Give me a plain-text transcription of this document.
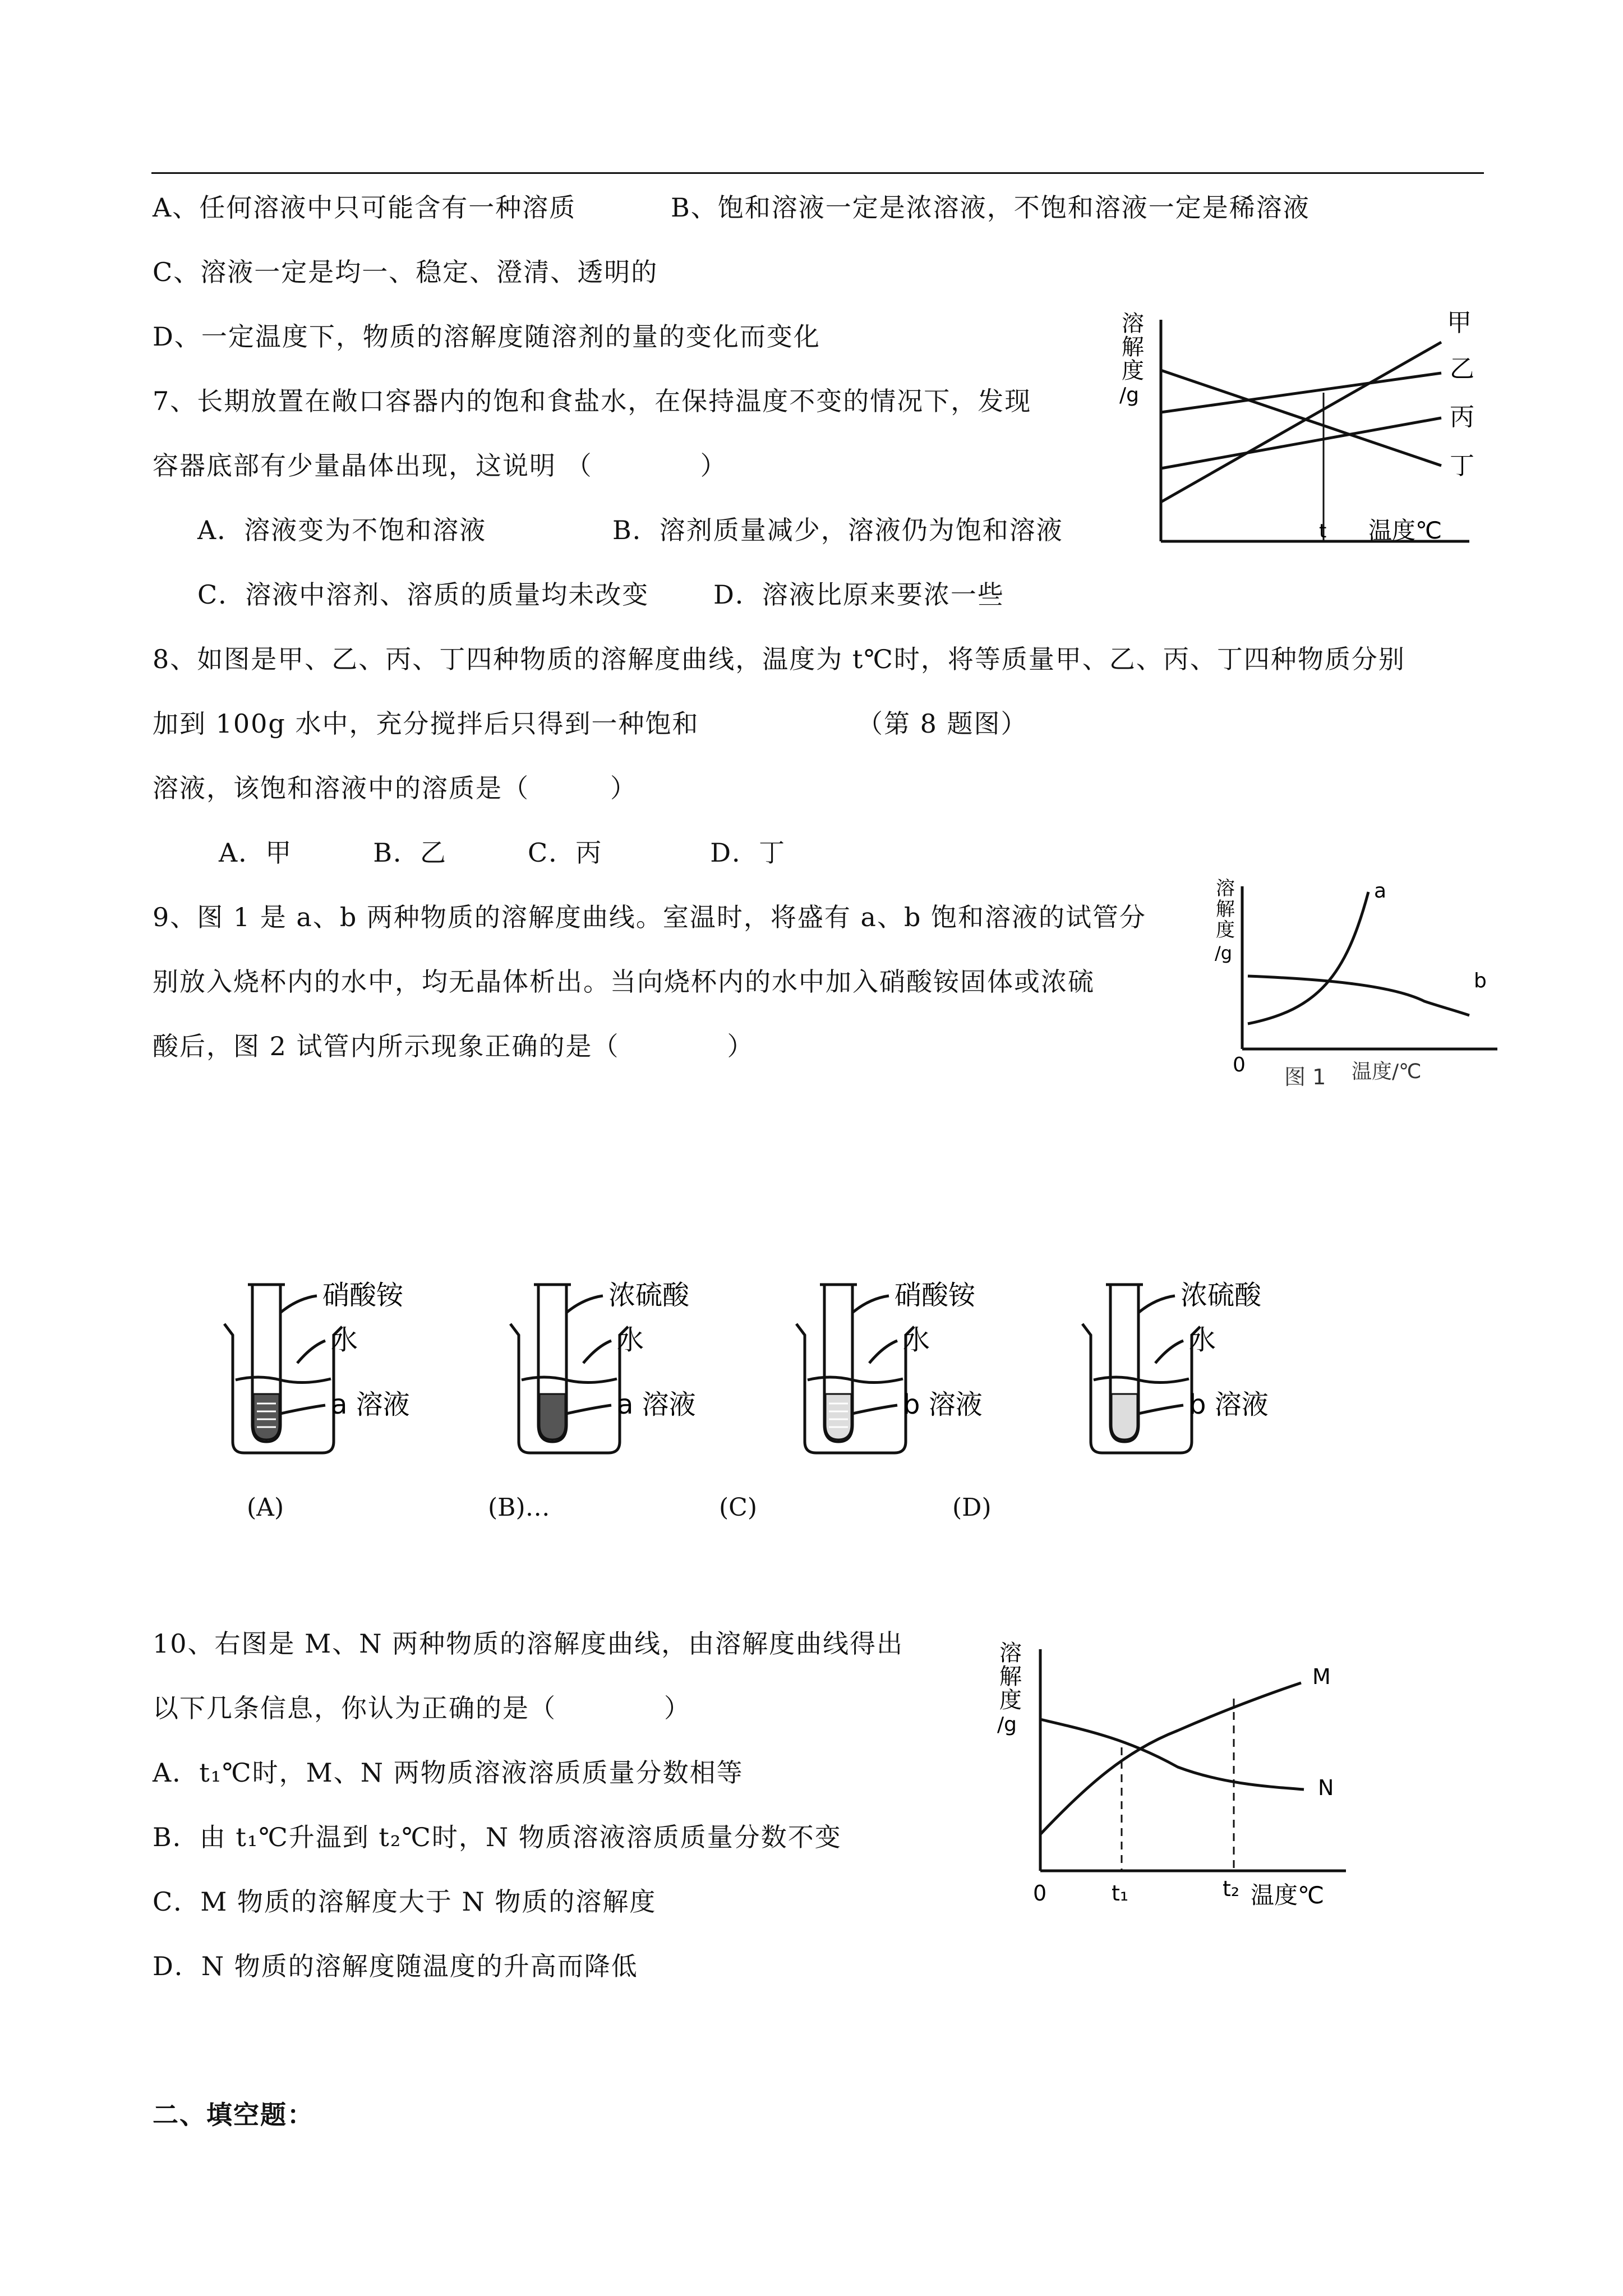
A、任何溶液中只可能含有一种溶质	B、饱和溶液一定是浓溶液，不饱和溶液一定是稀溶液
C、溶液一定是均一、稳定、澄清、透明的
D、一定温度下，物质的溶解度随溶剂的量的变化而变化
7、长期放置在敞口容器内的饱和食盐水，在保持温度不变的情况下，发现
容器底部有少量晶体出现，这说明 （　　　　）
A．溶液变为不饱和溶液	B．溶剂质量减少，溶液仍为饱和溶液
C．溶液中溶剂、溶质的质量均未改变 D．溶液比原来要浓一些
溶
解
度
/g
甲
乙
丙
丁
t 温度℃
8、如图是甲、乙、丙、丁四种物质的溶解度曲线，温度为 t℃时，将等质量甲、乙、丙、丁四种物质分别
加到 100g 水中，充分搅拌后只得到一种饱和	（第 8 题图）
溶液，该饱和溶液中的溶质是（　　　）
A．甲　　　B．乙　　　C．丙　　　　D．丁
9、图 1 是 a、b 两种物质的溶解度曲线。室温时，将盛有 a、b 饱和溶液的试管分
别放入烧杯内的水中，均无晶体析出。当向烧杯内的水中加入硝酸铵固体或浓硫
酸后，图 2 试管内所示现象正确的是（　　　　）
溶
解
度
/g
a
b
0 图 1 温度/℃
硝酸铵
水
a 溶液
浓硫酸
水
a 溶液
硝酸铵
水
b 溶液
浓硫酸
水
b 溶液
(A)	(B)…	(C)	(D)
10、右图是 M、N 两种物质的溶解度曲线，由溶解度曲线得出
以下几条信息，你认为正确的是（　　　　）
A．t₁℃时，M、N 两物质溶液溶质质量分数相等
B．由 t₁℃升温到 t₂℃时，N 物质溶液溶质质量分数不变
C．M 物质的溶解度大于 N 物质的溶解度
D．N 物质的溶解度随温度的升高而降低
溶
解
度
/g
M
N
0	t₁	t₂ 温度℃
二、填空题：
